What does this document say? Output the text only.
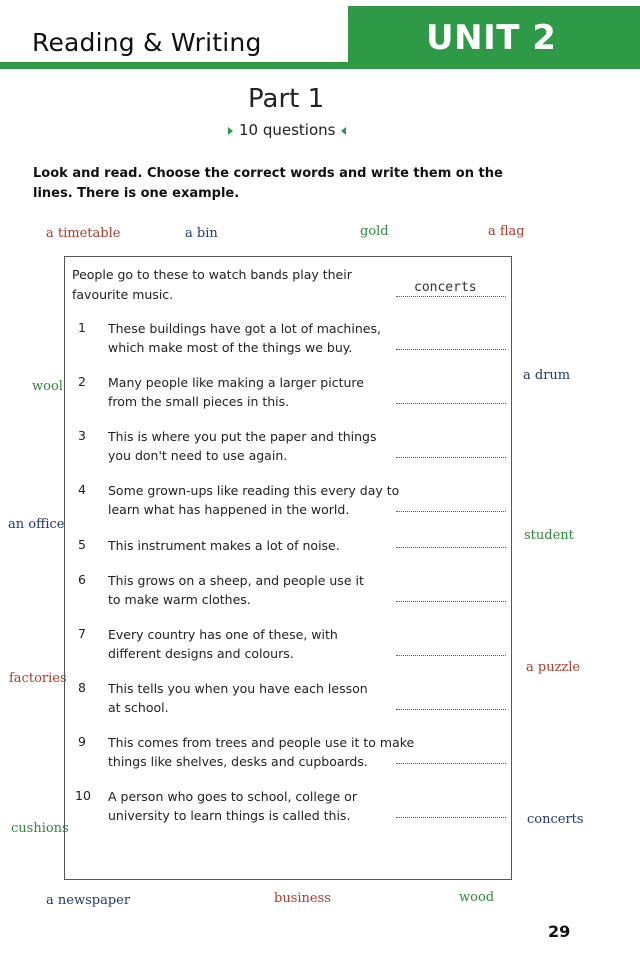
Reading & Writing	UNIT 2
Part 1
10 questions
Look and read. Choose the correct words and write them on the lines. There is one example.
a timetable	a bin	gold	a flag
wool
a drum
an office
student
factories
a puzzle
cushions
concerts
a newspaper	business	wood
People go to these to watch bands play their
favourite music.	concerts
1 These buildings have got a lot of machines,
which make most of the things we buy.
2 Many people like making a larger picture
from the small pieces in this.
3 This is where you put the paper and things
you don't need to use again.
4 Some grown-ups like reading this every day to
learn what has happened in the world.
5 This instrument makes a lot of noise.
6 This grows on a sheep, and people use it
to make warm clothes.
7 Every country has one of these, with
different designs and colours.
8 This tells you when you have each lesson
at school.
9 This comes from trees and people use it to make
things like shelves, desks and cupboards.
10 A person who goes to school, college or
university to learn things is called this.
29
